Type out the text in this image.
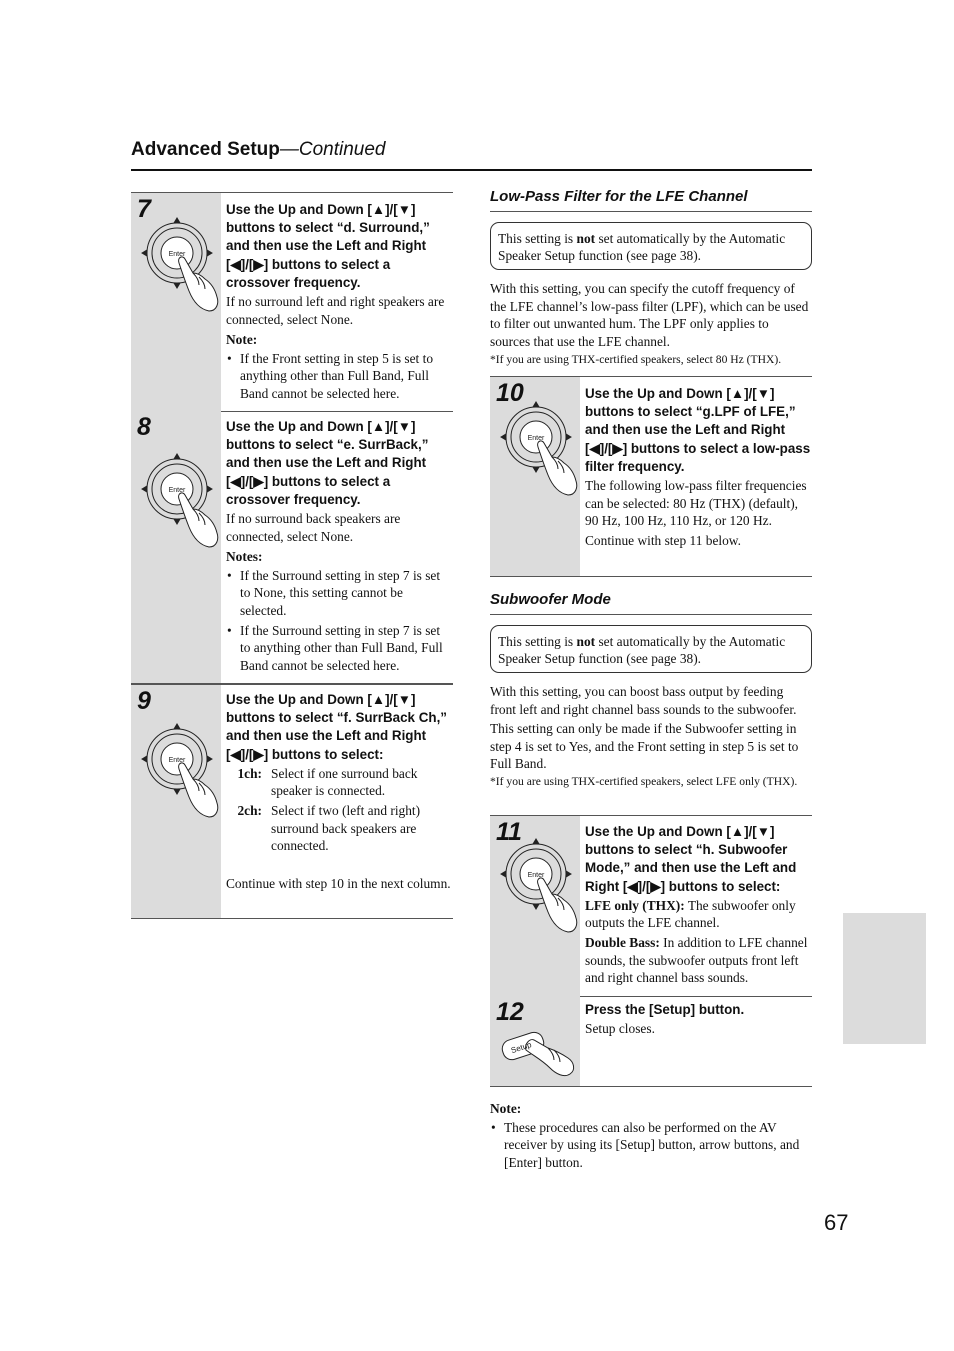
Advanced Setup—Continued
7
Enter

Use the Up and Down [▲]/[▼] buttons to select “d. Surround,” and then use the Left and Right [◀]/[▶] buttons to select a crossover frequency.

If no surround left and right speakers are connected, select None.

Note:

• If the Front setting in step 5 is set to anything other than Full Band, Full Band cannot be selected here.
8
Enter

Use the Up and Down [▲]/[▼] buttons to select “e. SurrBack,” and then use the Left and Right [◀]/[▶] buttons to select a crossover frequency.

If no surround back speakers are connected, select None.

Notes:

• If the Surround setting in step 7 is set to None, this setting cannot be selected.
• If the Surround setting in step 7 is set to anything other than Full Band, Full Band cannot be selected here.
9
Enter

Use the Up and Down [▲]/[▼] buttons to select “f. SurrBack Ch,” and then use the Left and Right [◀]/[▶] buttons to select:

1ch: Select if one surround back speaker is connected.
2ch: Select if two (left and right) surround back speakers are connected.

Continue with step 10 in the next column.

Low-Pass Filter for the LFE Channel
This setting is not set automatically by the Automatic Speaker Setup function (see page 38).
With this setting, you can specify the cutoff frequency of the LFE channel’s low-pass filter (LPF), which can be used to filter out unwanted hum. The LPF only applies to sources that use the LFE channel.
*If you are using THX-certified speakers, select 80 Hz (THX).
10
Enter

Use the Up and Down [▲]/[▼] buttons to select “g.LPF of LFE,” and then use the Left and Right [◀]/[▶] buttons to select a low-pass filter frequency.

The following low-pass filter frequencies can be selected: 80 Hz (THX) (default), 90 Hz, 100 Hz, 110 Hz, or 120 Hz.

Continue with step 11 below.

Subwoofer Mode
This setting is not set automatically by the Automatic Speaker Setup function (see page 38).
With this setting, you can boost bass output by feeding front left and right channel bass sounds to the subwoofer.
This setting can only be made if the Subwoofer setting in step 4 is set to Yes, and the Front setting in step 5 is set to Full Band.
*If you are using THX-certified speakers, select LFE only (THX).
11
Enter

Use the Up and Down [▲]/[▼] buttons to select “h. Subwoofer Mode,” and then use the Left and Right [◀]/[▶] buttons to select:

LFE only (THX): The subwoofer only outputs the LFE channel.

Double Bass: In addition to LFE channel sounds, the subwoofer outputs front left and right channel bass sounds.

12
Setup

Press the [Setup] button.

Setup closes.

Note:

• These procedures can also be performed on the AV receiver by using its [Setup] button, arrow buttons, and [Enter] button.
67
